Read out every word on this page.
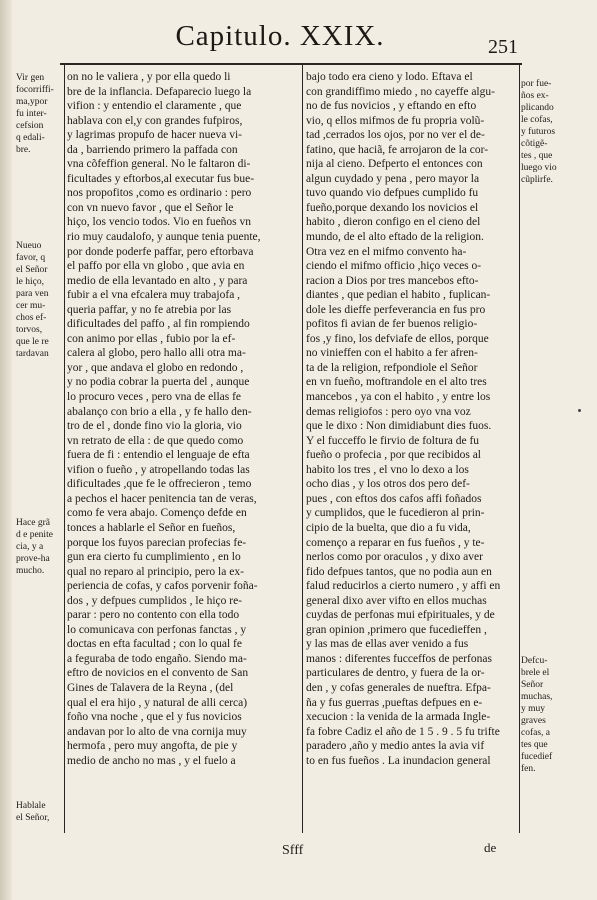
Capitulo. XXIX.	251
on no le valiera , y por ella quedo li
bre de la inflancia. Defaparecio luego la
vifion : y entendio el claramente , que
hablava con el,y con grandes fufpiros,
y lagrimas propufo de hacer nueva vi-
da , barriendo primero la paffada con
vna cõfeffion general. No le faltaron di-
ficultades y eftorbos,al executar fus bue-
nos propofitos ,como es ordinario : pero
con vn nuevo favor , que el Señor le
hiço, los vencio todos. Vio en fueños vn
rio muy caudalofo, y aunque tenia puente,
por donde poderfe paffar, pero eftorbava
el paffo por ella vn globo , que avia en
medio de ella levantado en alto , y para
fubir a el vna efcalera muy trabajofa ,
queria paffar, y no fe atrebia por las
dificultades del paffo , al fin rompiendo
con animo por ellas , fubio por la ef-
calera al globo, pero hallo alli otra ma-
yor , que andava el globo en redondo ,
y no podia cobrar la puerta del , aunque
lo procuro veces , pero vna de ellas fe
abalanço con brio a ella , y fe hallo den-
tro de el , donde fino vio la gloria, vio
vn retrato de ella : de que quedo como
fuera de fi : entendio el lenguaje de efta
vifion o fueño , y atropellando todas las
dificultades ,que fe le offrecieron , temo
a pechos el hacer penitencia tan de veras,
como fe vera abajo. Començo defde en
tonces a hablarle el Señor en fueños,
porque los fuyos parecian profecias fe-
gun era cierto fu cumplimiento , en lo
qual no reparo al principio, pero la ex-
periencia de cofas, y cafos porvenir foña-
dos , y defpues cumplidos , le hiço re-
parar : pero no contento con ella todo
lo comunicava con perfonas fanctas , y
doctas en efta facultad ; con lo qual fe
a feguraba de todo engaño. Siendo ma-
eftro de novicios en el convento de San
Gines de Talavera de la Reyna , (del
qual el era hijo , y natural de alli cerca)
foño vna noche , que el y fus novicios
andavan por lo alto de vna cornija muy
hermofa , pero muy angofta, de pie y
medio de ancho no mas , y el fuelo a
bajo todo era cieno y lodo. Eftava el
con grandiffimo miedo , no cayeffe algu-
no de fus novicios , y eftando en efto
vio, q ellos mifmos de fu propria volũ-
tad ,cerrados los ojos, por no ver el de-
fatino, que haciã, fe arrojaron de la cor-
nija al cieno. Defperto el entonces con
algun cuydado y pena , pero mayor la
tuvo quando vio defpues cumplido fu
fueño,porque dexando los novicios el
habito , dieron configo en el cieno del
mundo, de el alto eftado de la religion.
Otra vez en el mifmo convento ha-
ciendo el mifmo officio ,hiço veces o-
racion a Dios por tres mancebos efto-
diantes , que pedian el habito , fuplican-
dole les dieffe perfeverancia en fus pro
pofitos fi avian de fer buenos religio-
fos ,y fino, los defviafe de ellos, porque
no vinieffen con el habito a fer afren-
ta de la religion, refpondiole el Señor
en vn fueño, moftrandole en el alto tres
mancebos , ya con el habito , y entre los
demas religiofos : pero oyo vna voz
que le dixo : Non dimidiabunt dies fuos.
Y el fucceffo le firvio de foltura de fu
fueño o profecia , por que recibidos al
habito los tres , el vno lo dexo a los
ocho dias , y los otros dos pero def-
pues , con eftos dos cafos affi foñados
y cumplidos, que le fucedieron al prin-
cipio de la buelta, que dio a fu vida,
començo a reparar en fus fueños , y te-
nerlos como por oraculos , y dixo aver
fido defpues tantos, que no podia aun en
falud reducirlos a cierto numero , y affi en
general dixo aver vifto en ellos muchas
cuydas de perfonas mui efpirituales, y de
gran opinion ,primero que fucedieffen ,
y las mas de ellas aver venido a fus
manos : diferentes fucceffos de perfonas
particulares de dentro, y fuera de la or-
den , y cofas generales de nueftra. Efpa-
ña y fus guerras ,pueftas defpues en e-
xecucion : la venida de la armada Ingle-
fa fobre Cadiz el año de 1 5 . 9 . 5 fu trifte
paradero ,año y medio antes la avia vif
to en fus fueños . La inundacion general
Vir gen
focorriffi-
ma,ypor
fu inter-
cefsion
q edali-
bre.
Nueuo
favor, q
el Señor
le hiço,
para ven
cer mu-
chos ef-
torvos,
que le re
tardavan
Hace grã
d e penite
cia, y a
prove-ha
mucho.
Hablale
el Señor,
por fue-
ños ex-
plicando
le cofas,
y futuros
cõtigẽ-
tes , que
luego vio
cũplirfe.
Defcu-
brele el
Señor
muchas,
y muy
graves
cofas, a
tes que
fucedief
fen.
Sfff	de
